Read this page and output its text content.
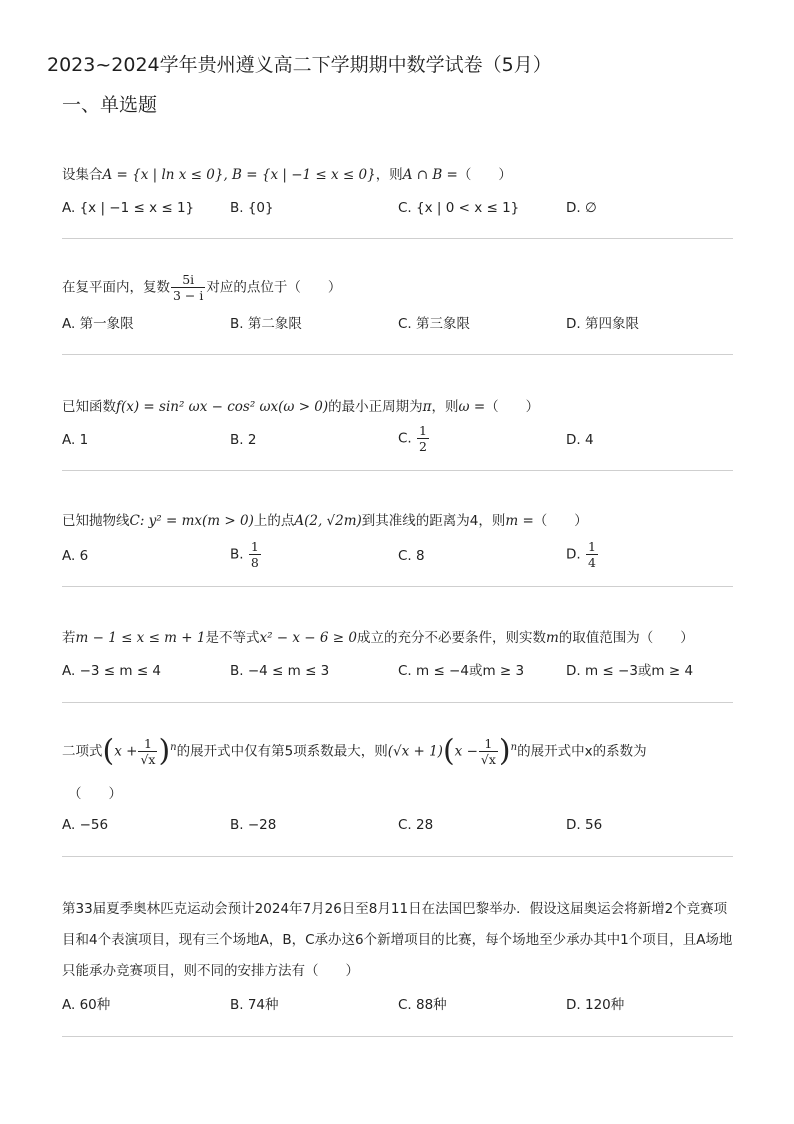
2023~2024学年贵州遵义高二下学期期中数学试卷（5月）
一、单选题
设集合A = {x | ln x ≤ 0}, B = {x | −1 ≤ x ≤ 0}，则A ∩ B =（　　）
A. {x | −1 ≤ x ≤ 1}	B. {0}	C. {x | 0 < x ≤ 1}	D. ∅
在复平面内，复数 $\frac{5i}{3 - i}$ 对应的点位于（　　）
A. 第一象限	B. 第二象限	C. 第三象限	D. 第四象限
已知函数f(x) = sin² ωx − cos² ωx(ω > 0)的最小正周期为π，则ω =（　　）
A. 1	B. 2	C. $\frac{1}{2}$	D. 4
已知抛物线C: y² = mx(m > 0)上的点A(2, √2m)到其准线的距离为4，则m =（　　）
A. 6	B. $\frac{1}{8}$	C. 8	D. $\frac{1}{4}$
若m − 1 ≤ x ≤ m + 1是不等式x² − x − 6 ≥ 0成立的充分不必要条件，则实数m的取值范围为（　　）
A. −3 ≤ m ≤ 4	B. −4 ≤ m ≤ 3	C. m ≤ −4或m ≥ 3	D. m ≤ −3或m ≥ 4
二项式$(x + \frac{1}{√x} )^n$的展开式中仅有第5项系数最大，则$(√x + 1)(x - \frac{1}{√x} )^n$的展开式中x的系数为
（　　）
A. −56	B. −28	C. 28	D. 56
第33届夏季奥林匹克运动会预计2024年7月26日至8月11日在法国巴黎举办．假设这届奥运会将新增2个竞赛项目和4个表演项目，现有三个场地A，B，C承办这6个新增项目的比赛，每个场地至少承办其中1个项目，且A场地只能承办竞赛项目，则不同的安排方法有（　　）
A. 60种	B. 74种	C. 88种	D. 120种
